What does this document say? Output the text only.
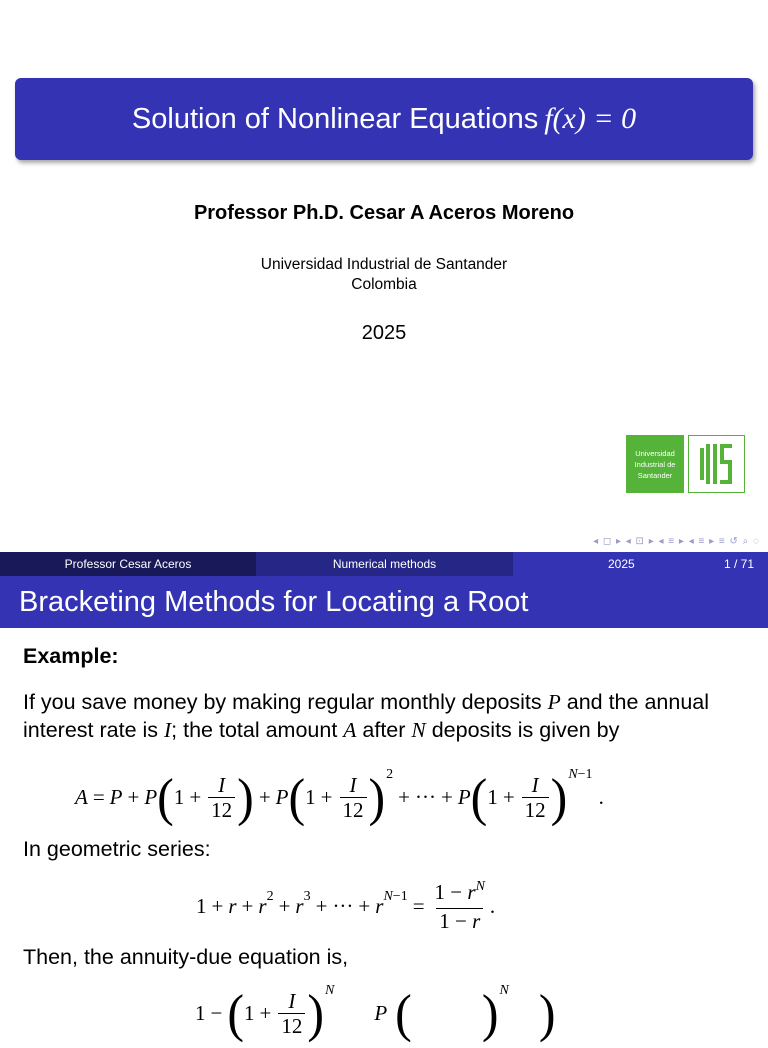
Solution of Nonlinear Equations f(x) = 0
Professor Ph.D. Cesar A Aceros Moreno
Universidad Industrial de Santander
Colombia
2025
Universidad
Industrial de
Santander
◂ ◻ ▸ ◂ ⊡ ▸ ◂ ≡ ▸ ◂ ≡ ▸ ≡ ↺ ⌕ ◌
Professor Cesar Aceros	Numerical methods	2025	1 / 71
Bracketing Methods for Locating a Root
Example:
If you save money by making regular monthly deposits P and the annual interest rate is I; the total amount A after N deposits is given by
A = P + P ( $1 + \frac{I}{12}$ ) + P ( $1 + \frac{I}{12}$ ) 2
+ ··· + P ( $1 + \frac{I}{12}$ ) N−1
.
In geometric series:
1 + r + r 2 + r 3 + ··· + r $N-1 = \frac{1 - r^N}{1 - r}$ .
Then, the annuity-due equation is,
1 − ( $1 + \frac{I}{12}$ ) N
P ( ) N )
